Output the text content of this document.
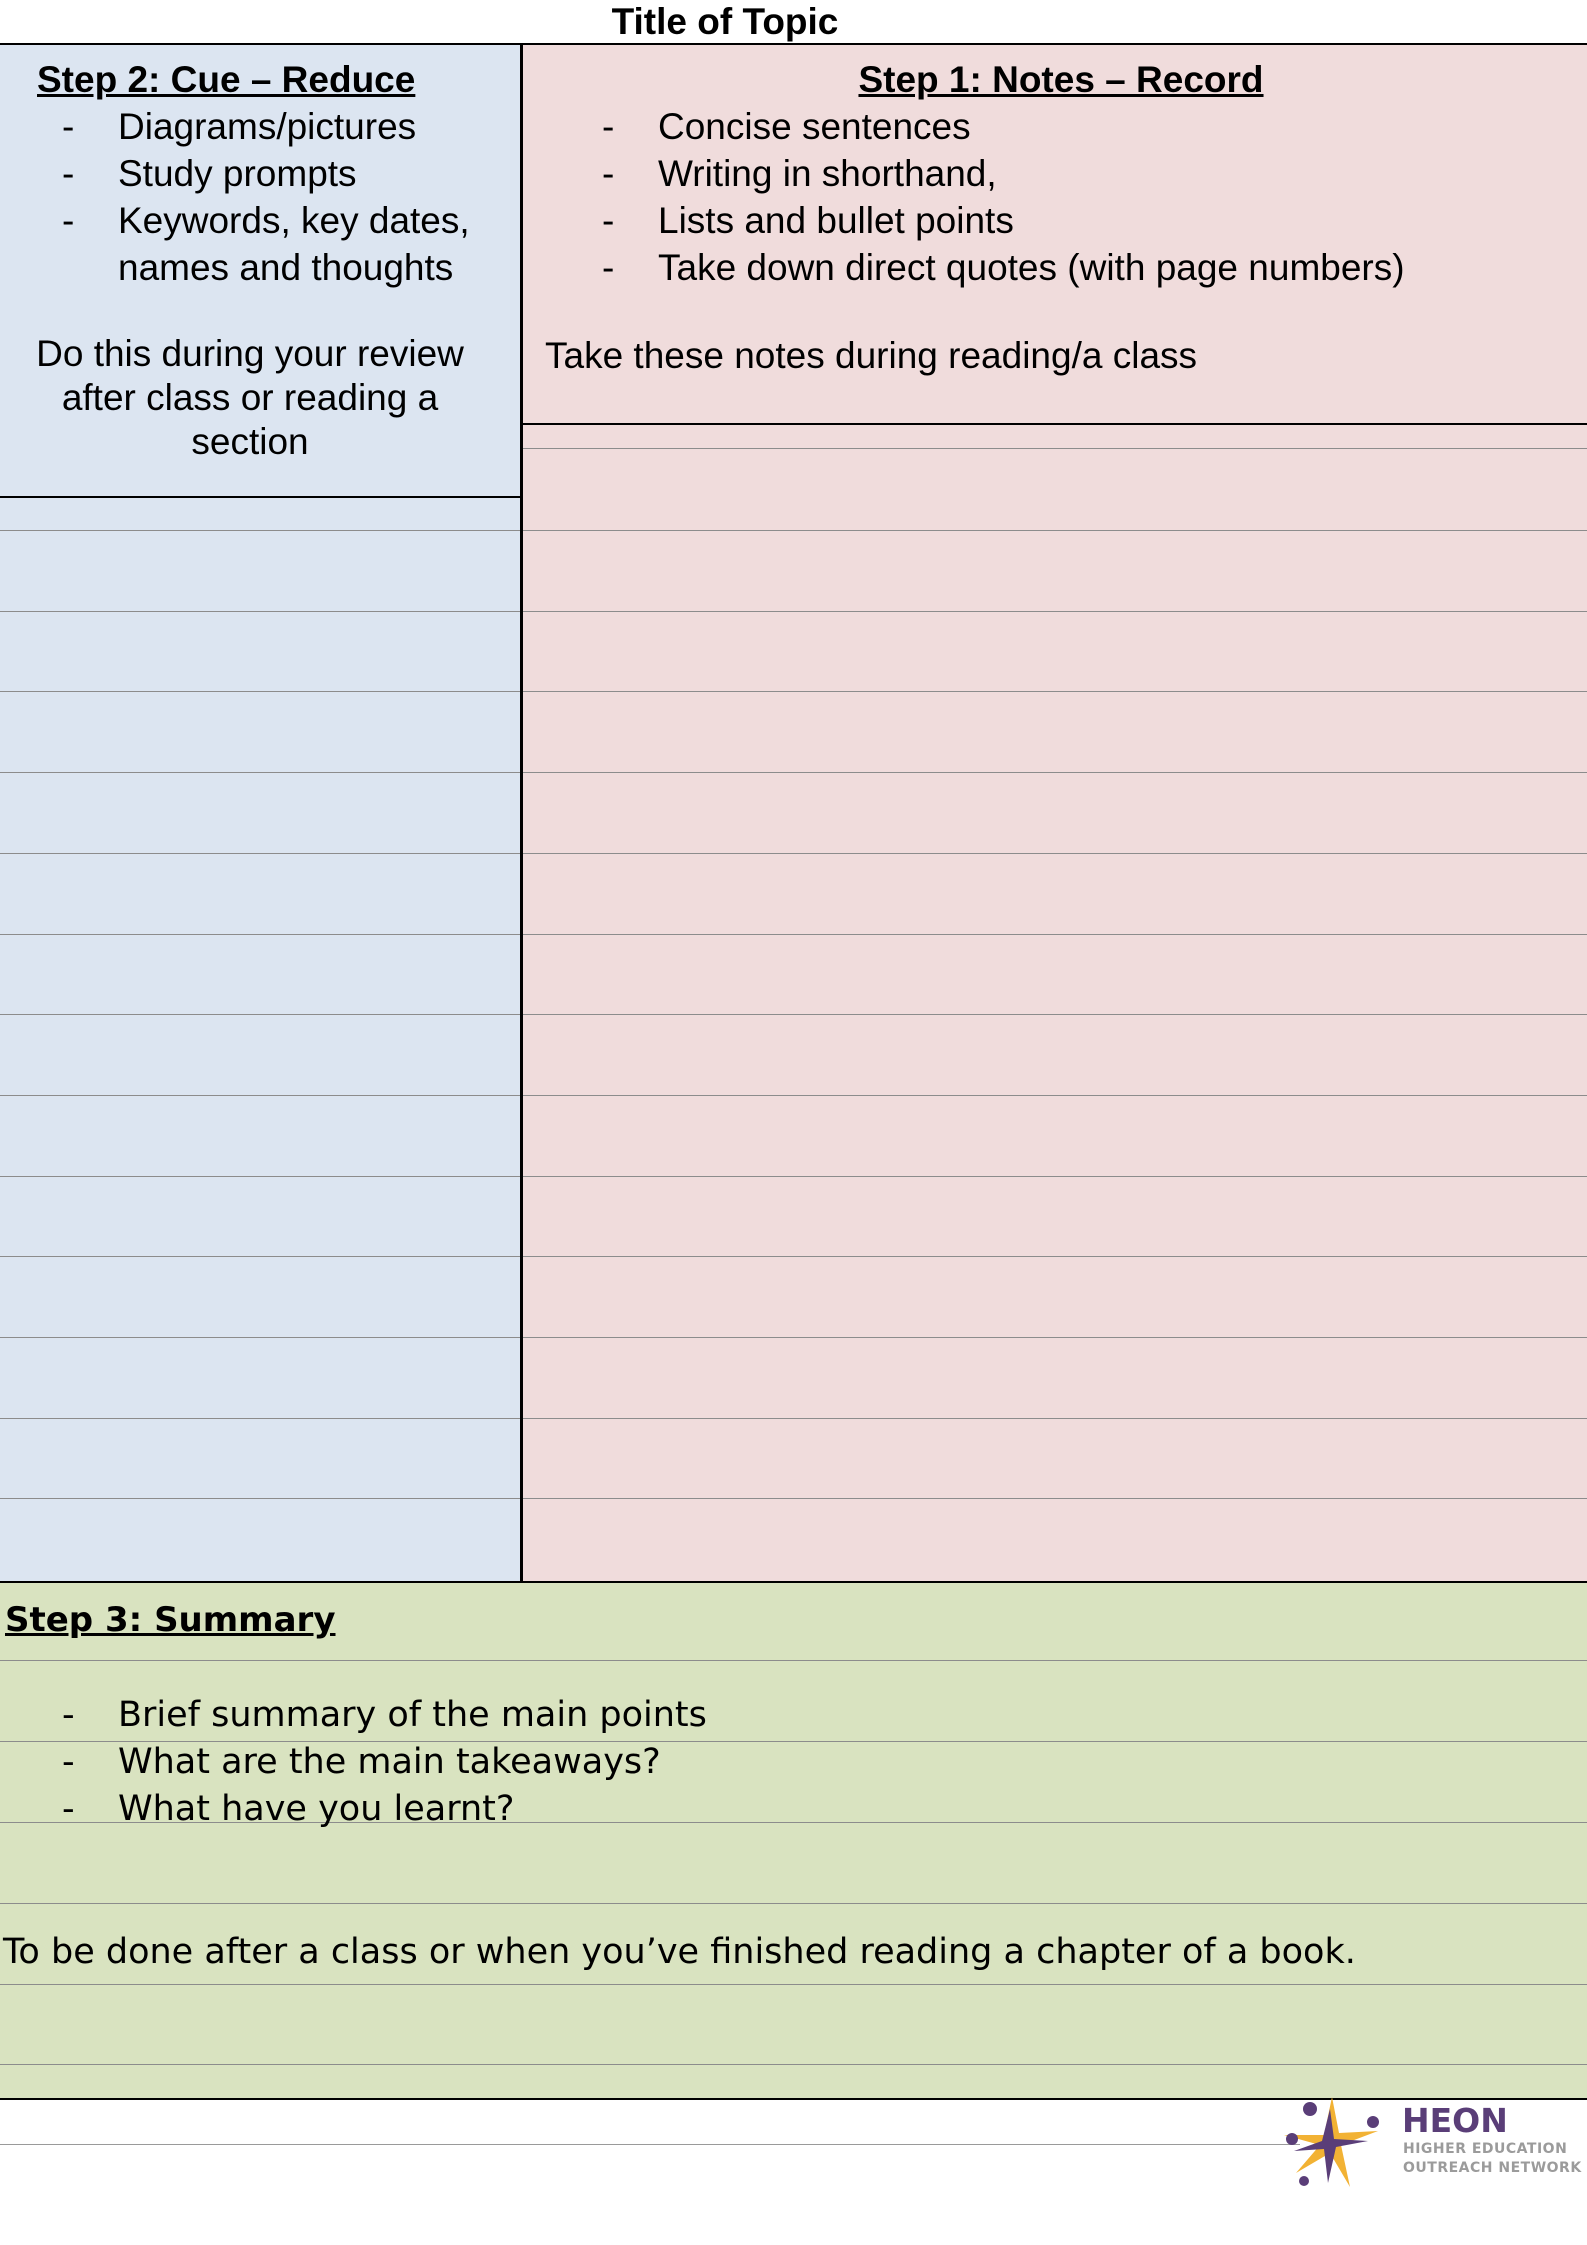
Title of Topic
Step 2: Cue – Reduce
- Diagrams/pictures
- Study prompts
- Keywords, key dates, names and thoughts
Do this during your review after class or reading a section
Step 1: Notes – Record
- Concise sentences
- Writing in shorthand,
- Lists and bullet points
- Take down direct quotes (with page numbers)
Take these notes during reading/a class
Step 3: Summary
- Brief summary of the main points
- What are the main takeaways?
- What have you learnt?
To be done after a class or when you’ve finished reading a chapter of a book.
HEON
HIGHER EDUCATION
OUTREACH NETWORK
